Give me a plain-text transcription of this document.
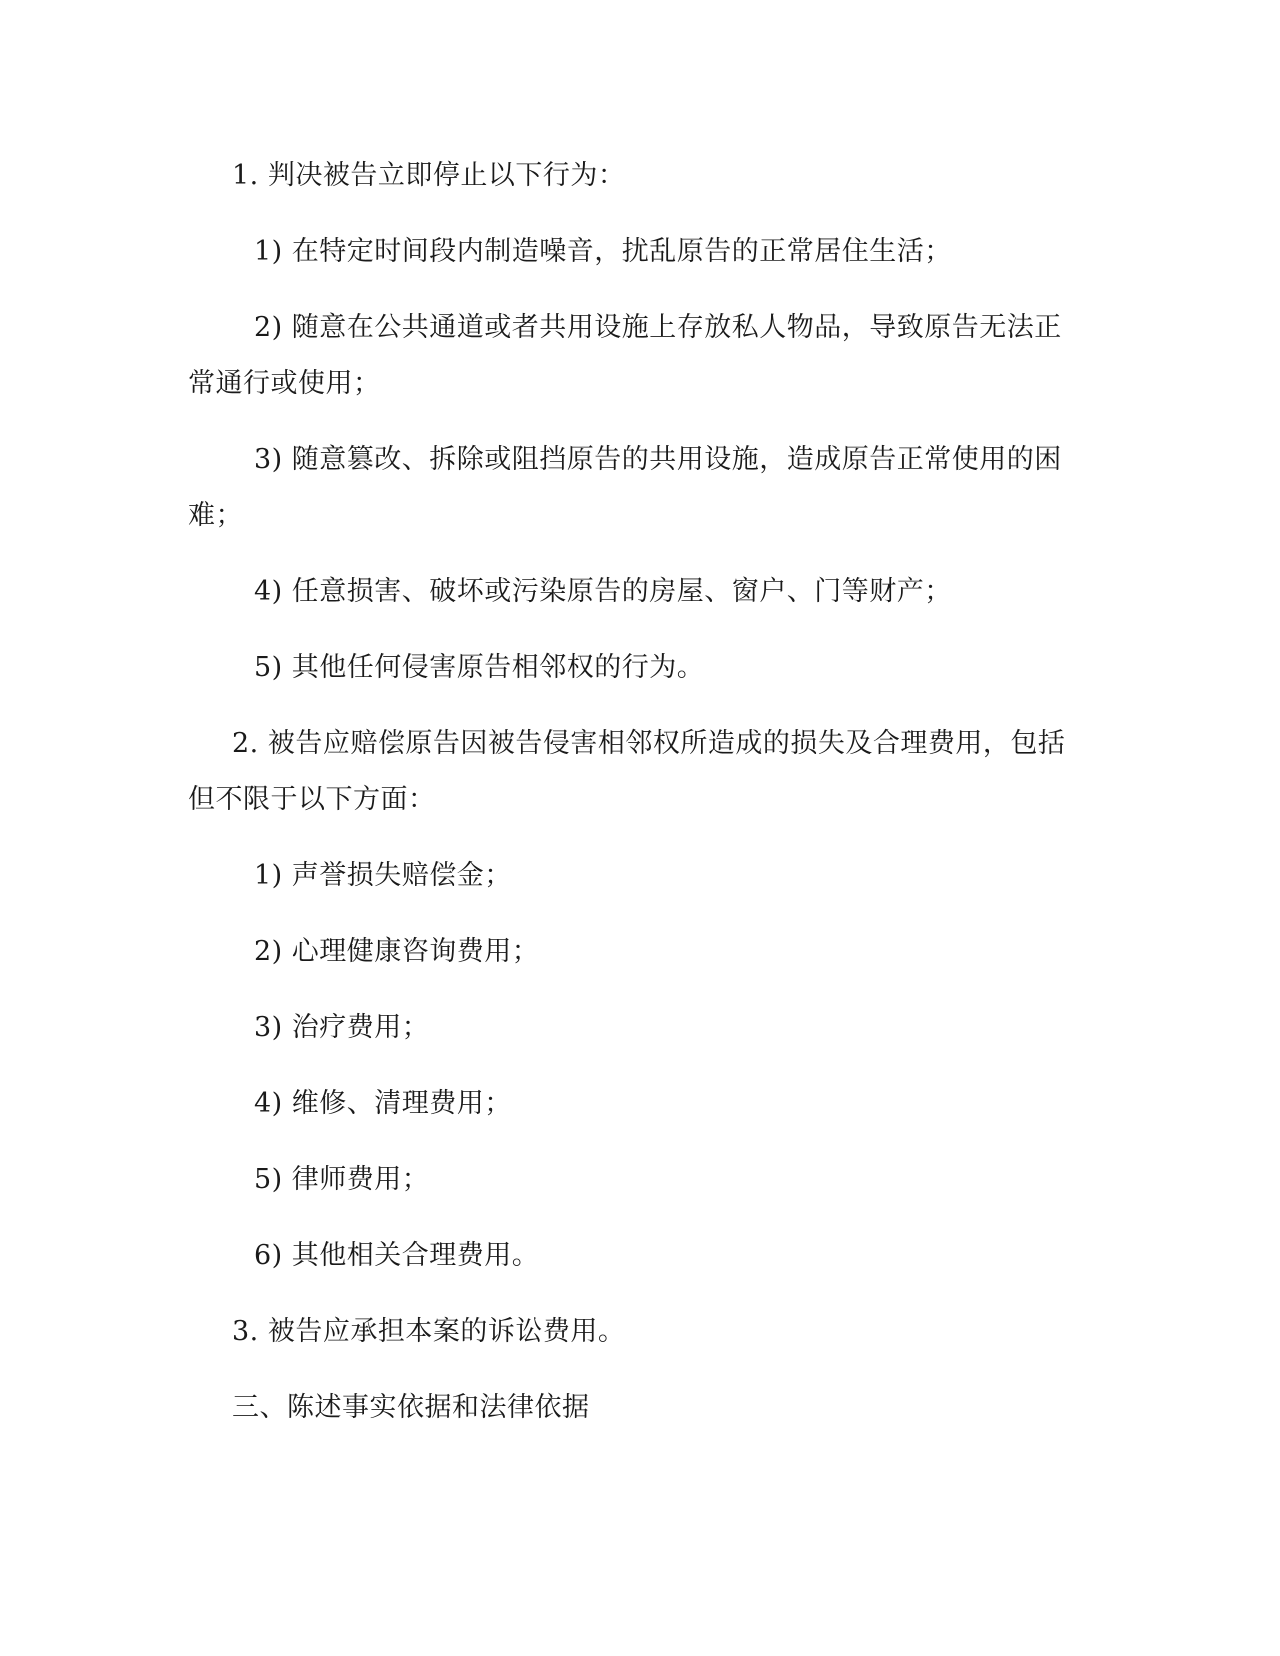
1. 判决被告立即停止以下行为：

1) 在特定时间段内制造噪音，扰乱原告的正常居住生活；

2) 随意在公共通道或者共用设施上存放私人物品，导致原告无法正常通行或使用；

3) 随意篡改、拆除或阻挡原告的共用设施，造成原告正常使用的困难；

4) 任意损害、破坏或污染原告的房屋、窗户、门等财产；

5) 其他任何侵害原告相邻权的行为。

2. 被告应赔偿原告因被告侵害相邻权所造成的损失及合理费用，包括但不限于以下方面：

1) 声誉损失赔偿金；

2) 心理健康咨询费用；

3) 治疗费用；

4) 维修、清理费用；

5) 律师费用；

6) 其他相关合理费用。

3. 被告应承担本案的诉讼费用。

三、陈述事实依据和法律依据
